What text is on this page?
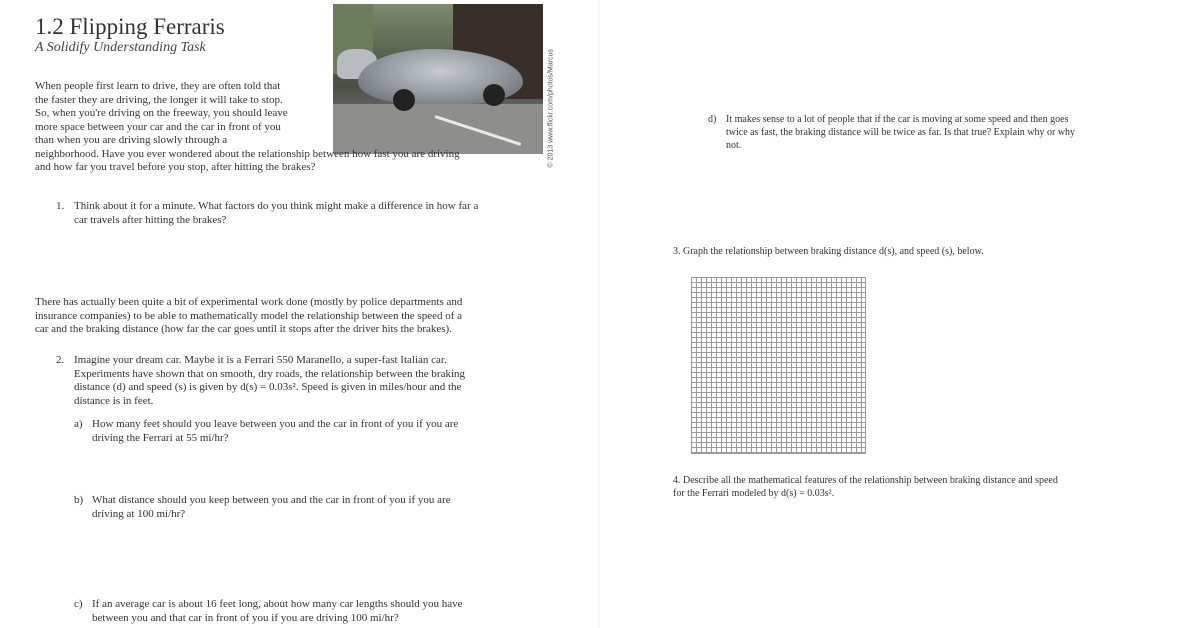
1.2 Flipping Ferraris
A Solidify Understanding Task
© 2013 www.flickr.com/photos/Marcus
When people first learn to drive, they are often told that
the faster they are driving, the longer it will take to stop.
So, when you're driving on the freeway, you should leave
more space between your car and the car in front of you
than when you are driving slowly through a
neighborhood. Have you ever wondered about the relationship between how fast you are driving
and how far you travel before you stop, after hitting the brakes?
1. Think about it for a minute. What factors do you think might make a difference in how far a
car travels after hitting the brakes?
There has actually been quite a bit of experimental work done (mostly by police departments and
insurance companies) to be able to mathematically model the relationship between the speed of a
car and the braking distance (how far the car goes until it stops after the driver hits the brakes).
2. Imagine your dream car. Maybe it is a Ferrari 550 Maranello, a super-fast Italian car.
Experiments have shown that on smooth, dry roads, the relationship between the braking
distance (d) and speed (s) is given by d(s) = 0.03s². Speed is given in miles/hour and the
distance is in feet.
a) How many feet should you leave between you and the car in front of you if you are
driving the Ferrari at 55 mi/hr?
b) What distance should you keep between you and the car in front of you if you are
driving at 100 mi/hr?
c) If an average car is about 16 feet long, about how many car lengths should you have
between you and that car in front of you if you are driving 100 mi/hr?
d) It makes sense to a lot of people that if the car is moving at some speed and then goes
twice as fast, the braking distance will be twice as far. Is that true? Explain why or why
not.
3. Graph the relationship between braking distance d(s), and speed (s), below.
4. Describe all the mathematical features of the relationship between braking distance and speed
for the Ferrari modeled by d(s) = 0.03s².
